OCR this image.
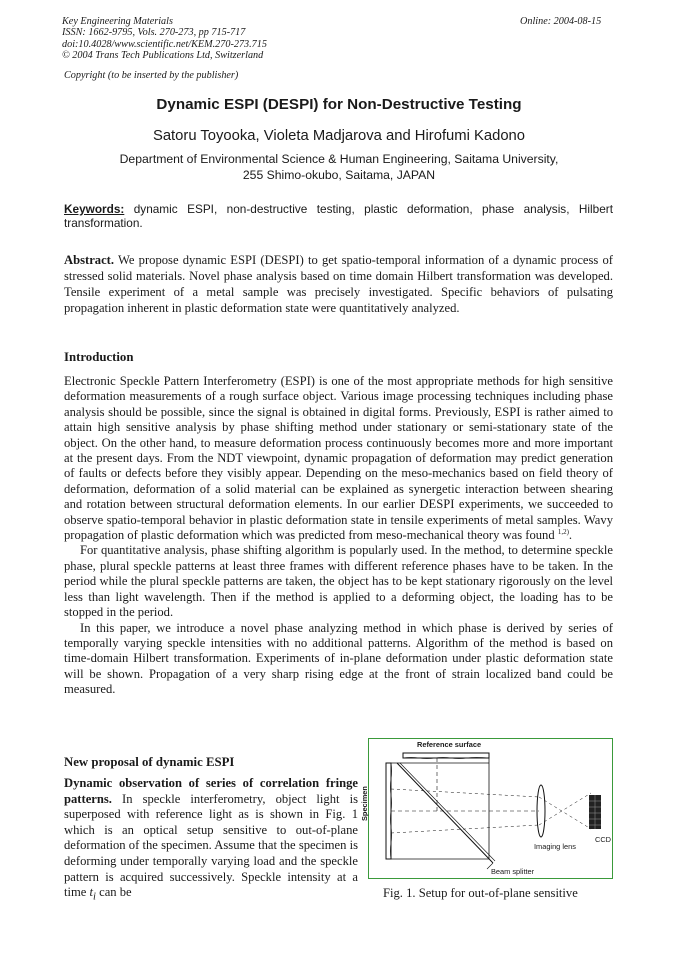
Key Engineering Materials
ISSN: 1662-9795, Vols. 270-273, pp 715-717
doi:10.4028/www.scientific.net/KEM.270-273.715
© 2004 Trans Tech Publications Ltd, Switzerland
Online: 2004-08-15
Copyright (to be inserted by the publisher)
Dynamic ESPI (DESPI) for Non-Destructive Testing
Satoru Toyooka, Violeta Madjarova and Hirofumi Kadono
Department of Environmental Science & Human Engineering, Saitama University,
255 Shimo-okubo, Saitama, JAPAN
Keywords: dynamic ESPI, non-destructive testing, plastic deformation, phase analysis, Hilbert transformation.
Abstract. We propose dynamic ESPI (DESPI) to get spatio-temporal information of a dynamic process of stressed solid materials. Novel phase analysis based on time domain Hilbert transformation was developed. Tensile experiment of a metal sample was precisely investigated. Specific behaviors of pulsating propagation inherent in plastic deformation state were quantitatively analyzed.
Introduction

Electronic Speckle Pattern Interferometry (ESPI) is one of the most appropriate methods for high sensitive deformation measurements of a rough surface object. Various image processing techniques including phase analysis should be possible, since the signal is obtained in digital forms. Previously, ESPI is rather aimed to attain high sensitive analysis by phase shifting method under stationary or semi-stationary state of the object. On the other hand, to measure deformation process continuously becomes more and more important at the present days. From the NDT viewpoint, dynamic propagation of deformation may predict generation of faults or defects before they visibly appear. Depending on the meso-mechanics based on field theory of deformation, deformation of a solid material can be explained as synergetic interaction between shearing and rotation between structural deformation elements. In our earlier DESPI experiments, we succeeded to observe spatio-temporal behavior in plastic deformation state in tensile experiments of metal samples. Wavy propagation of plastic deformation which was predicted from meso-mechanical theory was found $^{1,2)}$.

For quantitative analysis, phase shifting algorithm is popularly used. In the method, to determine speckle phase, plural speckle patterns at least three frames with different reference phases have to be taken. In the period while the plural speckle patterns are taken, the object has to be kept stationary rigorously on the level less than light wavelength. Then if the method is applied to a deforming object, the loading has to be stopped in the period.

In this paper, we introduce a novel phase analyzing method in which phase is derived by series of temporally varying speckle intensities with no additional patterns. Algorithm of the method is based on time-domain Hilbert transformation. Experiments of in-plane deformation under plastic deformation state will be shown. Propagation of a very sharp rising edge at the front of strain localized band could be measured.

New proposal of dynamic ESPI
Dynamic observation of series of correlation fringe patterns. In speckle interferometry, object light is superposed with reference light as is shown in Fig. 1 which is an optical setup sensitive to out-of-plane deformation of the specimen. Assume that the specimen is deforming under temporally varying load and the speckle pattern is acquired successively. Speckle intensity at a time $t_i$ can be
Reference surface
Specimen
Imaging lens
CCD
Beam splitter
Fig. 1. Setup for out-of-plane sensitive
